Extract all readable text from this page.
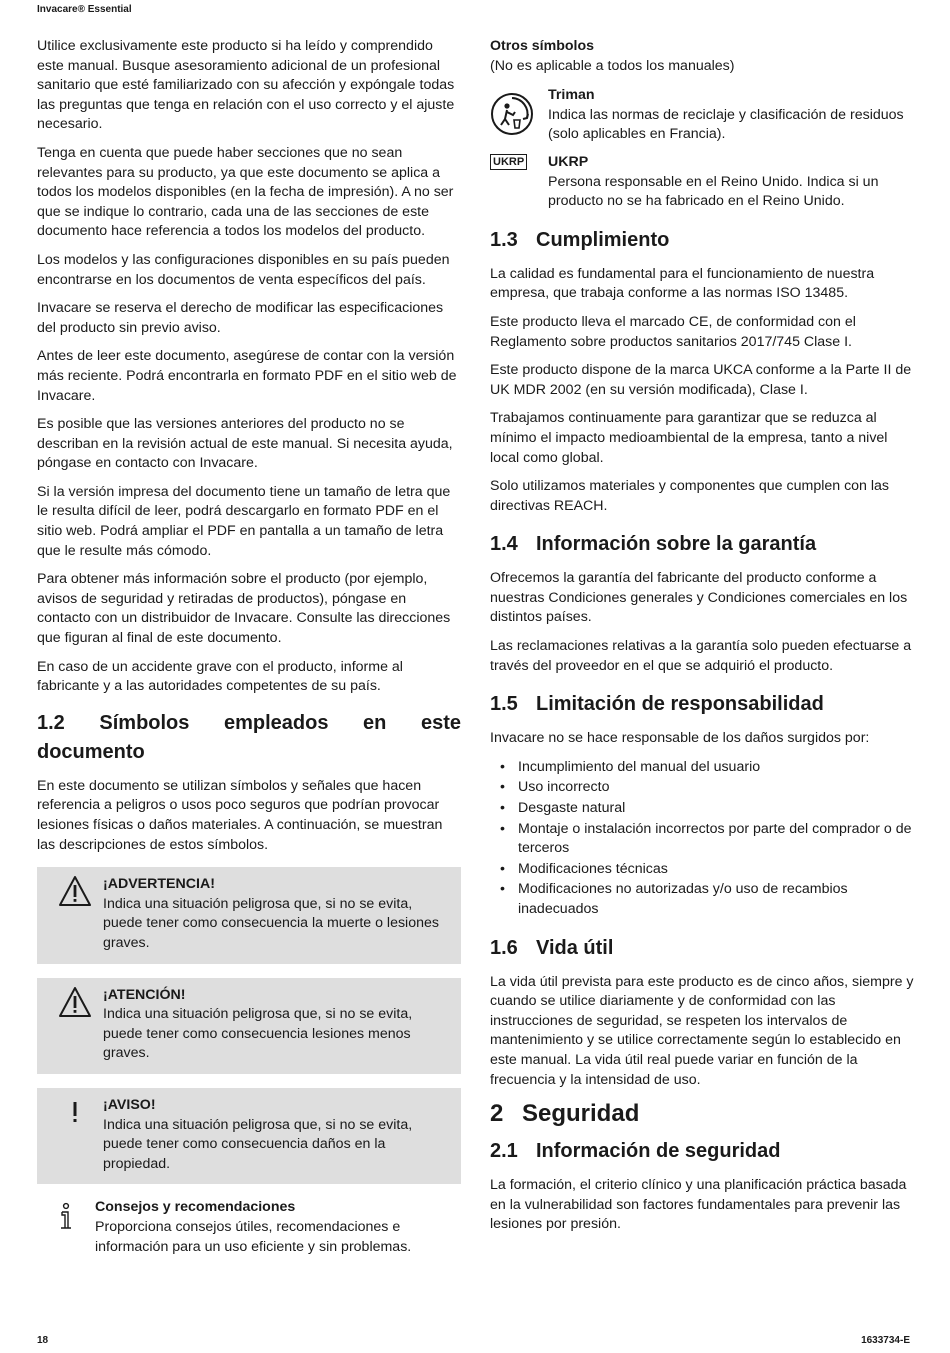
Invacare® Essential

Utilice exclusivamente este producto si ha leído y comprendido este manual. Busque asesoramiento adicional de un profesional sanitario que esté familiarizado con su afección y expóngale todas las preguntas que tenga en relación con el uso correcto y el ajuste necesario.

Tenga en cuenta que puede haber secciones que no sean relevantes para su producto, ya que este documento se aplica a todos los modelos disponibles (en la fecha de impresión). A no ser que se indique lo contrario, cada una de las secciones de este documento hace referencia a todos los modelos del producto.

Los modelos y las configuraciones disponibles en su país pueden encontrarse en los documentos de venta específicos del país.

Invacare se reserva el derecho de modificar las especificaciones del producto sin previo aviso.

Antes de leer este documento, asegúrese de contar con la versión más reciente. Podrá encontrarla en formato PDF en el sitio web de Invacare.

Es posible que las versiones anteriores del producto no se describan en la revisión actual de este manual. Si necesita ayuda, póngase en contacto con Invacare.

Si la versión impresa del documento tiene un tamaño de letra que le resulta difícil de leer, podrá descargarlo en formato PDF en el sitio web. Podrá ampliar el PDF en pantalla a un tamaño de letra que le resulte más cómodo.

Para obtener más información sobre el producto (por ejemplo, avisos de seguridad y retiradas de productos), póngase en contacto con un distribuidor de Invacare. Consulte las direcciones que figuran al final de este documento.

En caso de un accidente grave con el producto, informe al fabricante y a las autoridades competentes de su país.

1.2 Símbolos empleados en este
documento

En este documento se utilizan símbolos y señales que hacen referencia a peligros o usos poco seguros que podrían provocar lesiones físicas o daños materiales. A continuación, se muestran las descripciones de estos símbolos.

¡ADVERTENCIA!
Indica una situación peligrosa que, si no se evita, puede tener como consecuencia la muerte o lesiones graves.
¡ATENCIÓN!
Indica una situación peligrosa que, si no se evita, puede tener como consecuencia lesiones menos graves.
¡AVISO!
Indica una situación peligrosa que, si no se evita, puede tener como consecuencia daños en la propiedad.
Consejos y recomendaciones
Proporciona consejos útiles, recomendaciones e información para un uso eficiente y sin problemas.
Otros símbolos

(No es aplicable a todos los manuales)

Triman
Indica las normas de reciclaje y clasificación de residuos (solo aplicables en Francia).
UKRP UKRP
Persona responsable en el Reino Unido. Indica si un producto no se ha fabricado en el Reino Unido.
1.3 Cumplimiento

La calidad es fundamental para el funcionamiento de nuestra empresa, que trabaja conforme a las normas ISO 13485.

Este producto lleva el marcado CE, de conformidad con el Reglamento sobre productos sanitarios 2017/745 Clase I.

Este producto dispone de la marca UKCA conforme a la Parte II de UK MDR 2002 (en su versión modificada), Clase I.

Trabajamos continuamente para garantizar que se reduzca al mínimo el impacto medioambiental de la empresa, tanto a nivel local como global.

Solo utilizamos materiales y componentes que cumplen con las directivas REACH.

1.4 Información sobre la garantía

Ofrecemos la garantía del fabricante del producto conforme a nuestras Condiciones generales y Condiciones comerciales en los distintos países.

Las reclamaciones relativas a la garantía solo pueden efectuarse a través del proveedor en el que se adquirió el producto.

1.5 Limitación de responsabilidad

Invacare no se hace responsable de los daños surgidos por:

• Incumplimiento del manual del usuario
• Uso incorrecto
• Desgaste natural
• Montaje o instalación incorrectos por parte del comprador o de terceros
• Modificaciones técnicas
• Modificaciones no autorizadas y/o uso de recambios inadecuados
1.6 Vida útil

La vida útil prevista para este producto es de cinco años, siempre y cuando se utilice diariamente y de conformidad con las instrucciones de seguridad, se respeten los intervalos de mantenimiento y se utilice correctamente según lo establecido en este manual. La vida útil real puede variar en función de la frecuencia y la intensidad de uso.

2 Seguridad
2.1 Información de seguridad

La formación, el criterio clínico y una planificación práctica basada en la vulnerabilidad son factores fundamentales para prevenir las lesiones por presión.

18	1633734-E
